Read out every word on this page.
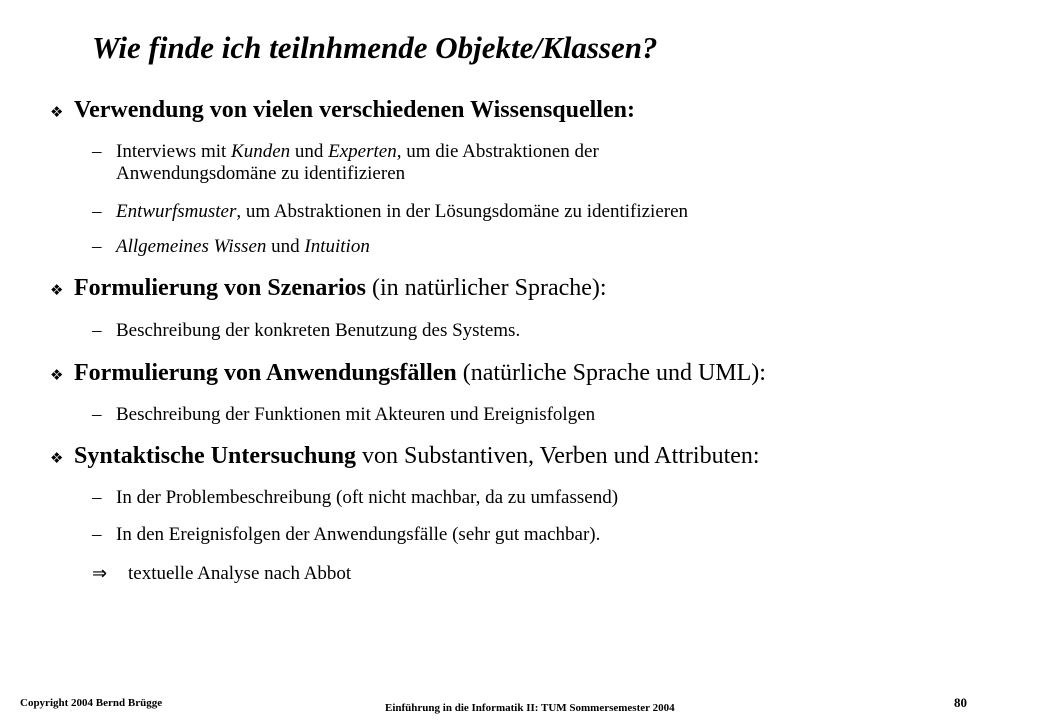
Wie finde ich teilnhmende Objekte/Klassen?
❖ Verwendung von vielen verschiedenen Wissensquellen:
– Interviews mit Kunden und Experten, um die Abstraktionen der
Anwendungsdomäne zu identifizieren
– Entwurfsmuster, um Abstraktionen in der Lösungsdomäne zu identifizieren
– Allgemeines Wissen und Intuition
❖ Formulierung von Szenarios (in natürlicher Sprache):
– Beschreibung der konkreten Benutzung des Systems.
❖ Formulierung von Anwendungsfällen (natürliche Sprache und UML):
– Beschreibung der Funktionen mit Akteuren und Ereignisfolgen
❖ Syntaktische Untersuchung von Substantiven, Verben und Attributen:
– In der Problembeschreibung (oft nicht machbar, da zu umfassend)
– In den Ereignisfolgen der Anwendungsfälle (sehr gut machbar).
⇒ textuelle Analyse nach Abbot
Copyright 2004 Bernd Brügge	Einführung in die Informatik II: TUM Sommersemester 2004	80
